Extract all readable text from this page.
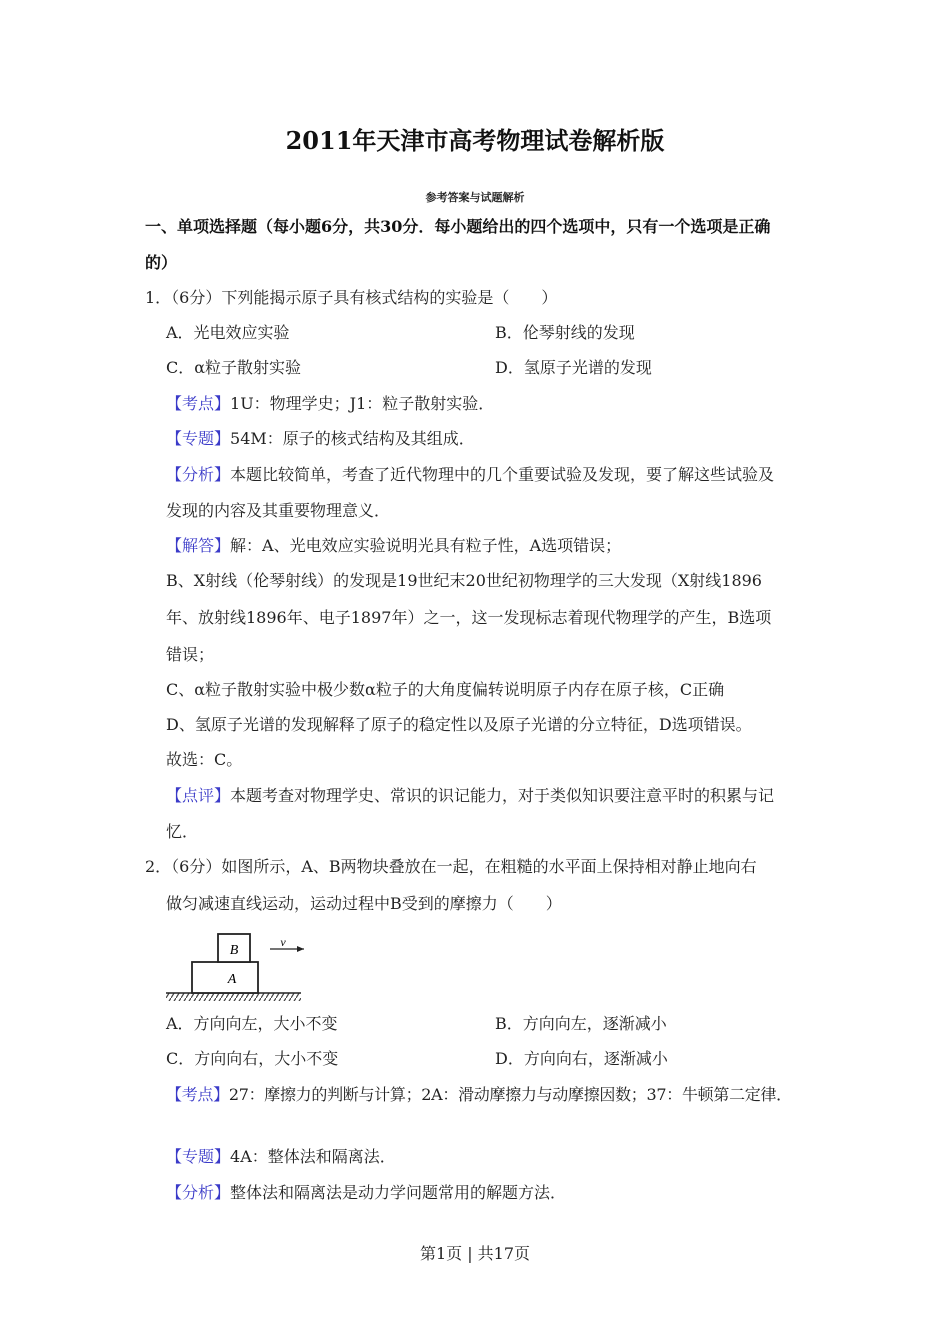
2011年天津市高考物理试卷解析版
参考答案与试题解析
一、单项选择题（每小题6分，共30分．每小题给出的四个选项中，只有一个选项是正确
的）
1．（6分）下列能揭示原子具有核式结构的实验是（　　）
A．光电效应实验	B．伦琴射线的发现
C．α粒子散射实验	D．氢原子光谱的发现
【考点】1U：物理学史；J1：粒子散射实验．
【专题】54M：原子的核式结构及其组成．
【分析】本题比较简单，考查了近代物理中的几个重要试验及发现，要了解这些试验及
发现的内容及其重要物理意义．
【解答】解：A、光电效应实验说明光具有粒子性，A选项错误；
B、X射线（伦琴射线）的发现是19世纪末20世纪初物理学的三大发现（X射线1896
年、放射线1896年、电子1897年）之一，这一发现标志着现代物理学的产生，B选项
错误；
C、α粒子散射实验中极少数α粒子的大角度偏转说明原子内存在原子核，C正确
D、氢原子光谱的发现解释了原子的稳定性以及原子光谱的分立特征，D选项错误。
故选：C。
【点评】本题考查对物理学史、常识的识记能力，对于类似知识要注意平时的积累与记
忆．
2．（6分）如图所示，A、B两物块叠放在一起，在粗糙的水平面上保持相对静止地向右
做匀减速直线运动，运动过程中B受到的摩擦力（　　）
B
A
v
A．方向向左，大小不变	B．方向向左，逐渐减小
C．方向向右，大小不变	D．方向向右，逐渐减小
【考点】27：摩擦力的判断与计算；2A：滑动摩擦力与动摩擦因数；37：牛顿第二定律．
【专题】4A：整体法和隔离法．
【分析】整体法和隔离法是动力学问题常用的解题方法．
第1页 | 共17页
